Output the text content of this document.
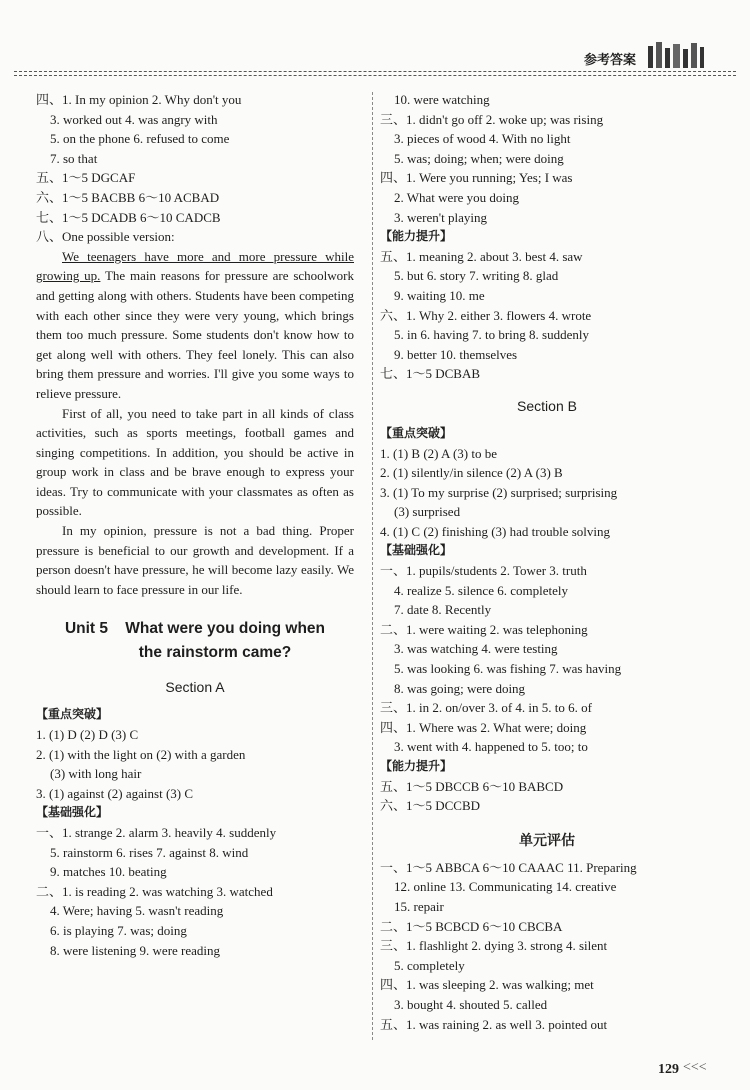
参考答案
四、1. In my opinion 2. Why don't you
3. worked out 4. was angry with
5. on the phone 6. refused to come
7. so that
五、1～5 DGCAF
六、1～5 BACBB 6～10 ACBAD
七、1～5 DCADB 6～10 CADCB
八、One possible version:
We teenagers have more and more pressure while growing up. The main reasons for pressure are schoolwork and getting along with others. Students have been competing with each other since they were very young, which brings them too much pressure. Some students don't know how to get along well with others. They feel lonely. This can also bring them pressure and worries. I'll give you some ways to relieve pressure.
First of all, you need to take part in all kinds of class activities, such as sports meetings, football games and singing competitions. In addition, you should be active in group work in class and be brave enough to express your ideas. Try to communicate with your classmates as often as possible.
In my opinion, pressure is not a bad thing. Proper pressure is beneficial to our growth and development. If a person doesn't have pressure, he will become lazy easily. We should learn to face pressure in our life.
Unit 5    What were you doing when
the rainstorm came?
Section A
【重点突破】
1. (1) D (2) D (3) C
2. (1) with the light on (2) with a garden
(3) with long hair
3. (1) against (2) against (3) C
【基础强化】
一、1. strange 2. alarm 3. heavily 4. suddenly
5. rainstorm 6. rises 7. against 8. wind
9. matches 10. beating
二、1. is reading 2. was watching 3. watched
4. Were; having 5. wasn't reading
6. is playing 7. was; doing
8. were listening 9. were reading
10. were watching
三、1. didn't go off 2. woke up; was rising
3. pieces of wood 4. With no light
5. was; doing; when; were doing
四、1. Were you running; Yes; I was
2. What were you doing
3. weren't playing
【能力提升】
五、1. meaning 2. about 3. best 4. saw
5. but 6. story 7. writing 8. glad
9. waiting 10. me
六、1. Why 2. either 3. flowers 4. wrote
5. in 6. having 7. to bring 8. suddenly
9. better 10. themselves
七、1～5 DCBAB
Section B
【重点突破】
1. (1) B (2) A (3) to be
2. (1) silently/in silence (2) A (3) B
3. (1) To my surprise (2) surprised; surprising
(3) surprised
4. (1) C (2) finishing (3) had trouble solving
【基础强化】
一、1. pupils/students 2. Tower 3. truth
4. realize 5. silence 6. completely
7. date 8. Recently
二、1. were waiting 2. was telephoning
3. was watching 4. were testing
5. was looking 6. was fishing 7. was having
8. was going; were doing
三、1. in 2. on/over 3. of 4. in 5. to 6. of
四、1. Where was 2. What were; doing
3. went with 4. happened to 5. too; to
【能力提升】
五、1～5 DBCCB 6～10 BABCD
六、1～5 DCCBD
单元评估
一、1～5 ABBCA 6～10 CAAAC 11. Preparing
12. online 13. Communicating 14. creative
15. repair
二、1～5 BCBCD 6～10 CBCBA
三、1. flashlight 2. dying 3. strong 4. silent
5. completely
四、1. was sleeping 2. was walking; met
3. bought 4. shouted 5. called
五、1. was raining 2. as well 3. pointed out
129 <<<
